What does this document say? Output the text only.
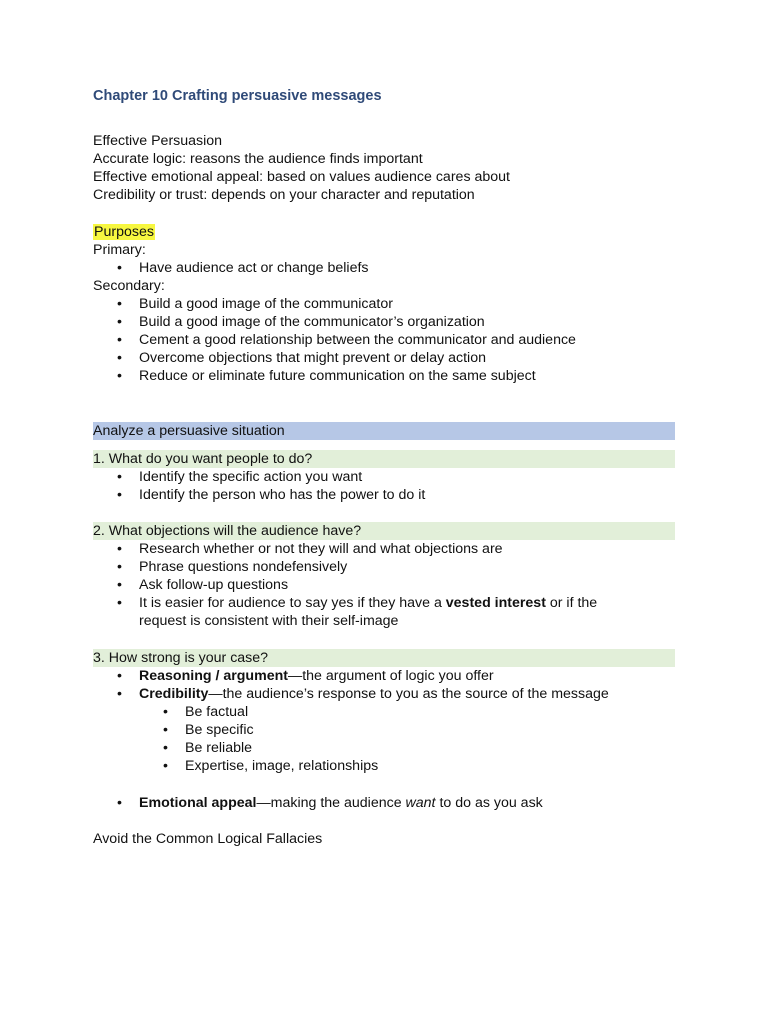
Chapter 10 Crafting persuasive messages
Effective Persuasion
Accurate logic: reasons the audience finds important
Effective emotional appeal: based on values audience cares about
Credibility or trust: depends on your character and reputation
Purposes
Primary:
• Have audience act or change beliefs
Secondary:
• Build a good image of the communicator
• Build a good image of the communicator’s organization
• Cement a good relationship between the communicator and audience
• Overcome objections that might prevent or delay action
• Reduce or eliminate future communication on the same subject
Analyze a persuasive situation
1. What do you want people to do?
• Identify the specific action you want
• Identify the person who has the power to do it
2. What objections will the audience have?
• Research whether or not they will and what objections are
• Phrase questions nondefensively
• Ask follow-up questions
• It is easier for audience to say yes if they have a vested interest or if the
request is consistent with their self-image
3. How strong is your case?
• Reasoning / argument—the argument of logic you offer
• Credibility—the audience’s response to you as the source of the message
• Be factual
• Be specific
• Be reliable
• Expertise, image, relationships
• Emotional appeal—making the audience want to do as you ask
Avoid the Common Logical Fallacies
